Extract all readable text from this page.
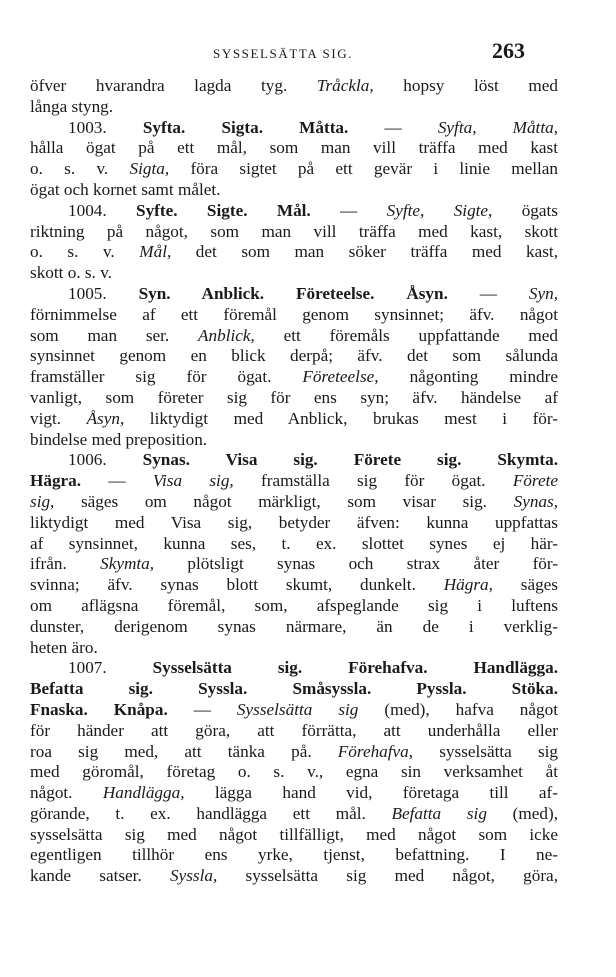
SYSSELSÄTTA SIG.	263
öfver hvarandra lagda tyg. Tråckla, hopsy löst med
långa styng.
1003. Syfta. Sigta. Måtta. — Syfta, Måtta,
hålla ögat på ett mål, som man vill träffa med kast
o. s. v. Sigta, föra sigtet på ett gevär i linie mellan
ögat och kornet samt målet.
1004. Syfte. Sigte. Mål. — Syfte, Sigte, ögats
riktning på något, som man vill träffa med kast, skott
o. s. v. Mål, det som man söker träffa med kast,
skott o. s. v.
1005. Syn. Anblick. Företeelse. Åsyn. — Syn,
förnimmelse af ett föremål genom synsinnet; äfv. något
som man ser. Anblick, ett föremåls uppfattande med
synsinnet genom en blick derpå; äfv. det som sålunda
framställer sig för ögat. Företeelse, någonting mindre
vanligt, som företer sig för ens syn; äfv. händelse af
vigt. Åsyn, liktydigt med Anblick, brukas mest i för-
bindelse med preposition.
1006. Synas. Visa sig. Förete sig. Skymta.
Hägra. — Visa sig, framställa sig för ögat. Förete
sig, säges om något märkligt, som visar sig. Synas,
liktydigt med Visa sig, betyder äfven: kunna uppfattas
af synsinnet, kunna ses, t. ex. slottet synes ej här-
ifrån. Skymta, plötsligt synas och strax åter för-
svinna; äfv. synas blott skumt, dunkelt. Hägra, säges
om aflägsna föremål, som, afspeglande sig i luftens
dunster, derigenom synas närmare, än de i verklig-
heten äro.
1007. Sysselsätta sig. Förehafva. Handlägga.
Befatta sig. Syssla. Småsyssla. Pyssla. Stöka.
Fnaska. Knåpa. — Sysselsätta sig (med), hafva något
för händer att göra, att förrätta, att underhålla eller
roa sig med, att tänka på. Förehafva, sysselsätta sig
med göromål, företag o. s. v., egna sin verksamhet åt
något. Handlägga, lägga hand vid, företaga till af-
görande, t. ex. handlägga ett mål. Befatta sig (med),
sysselsätta sig med något tillfälligt, med något som icke
egentligen tillhör ens yrke, tjenst, befattning. I ne-
kande satser. Syssla, sysselsätta sig med något, göra,
